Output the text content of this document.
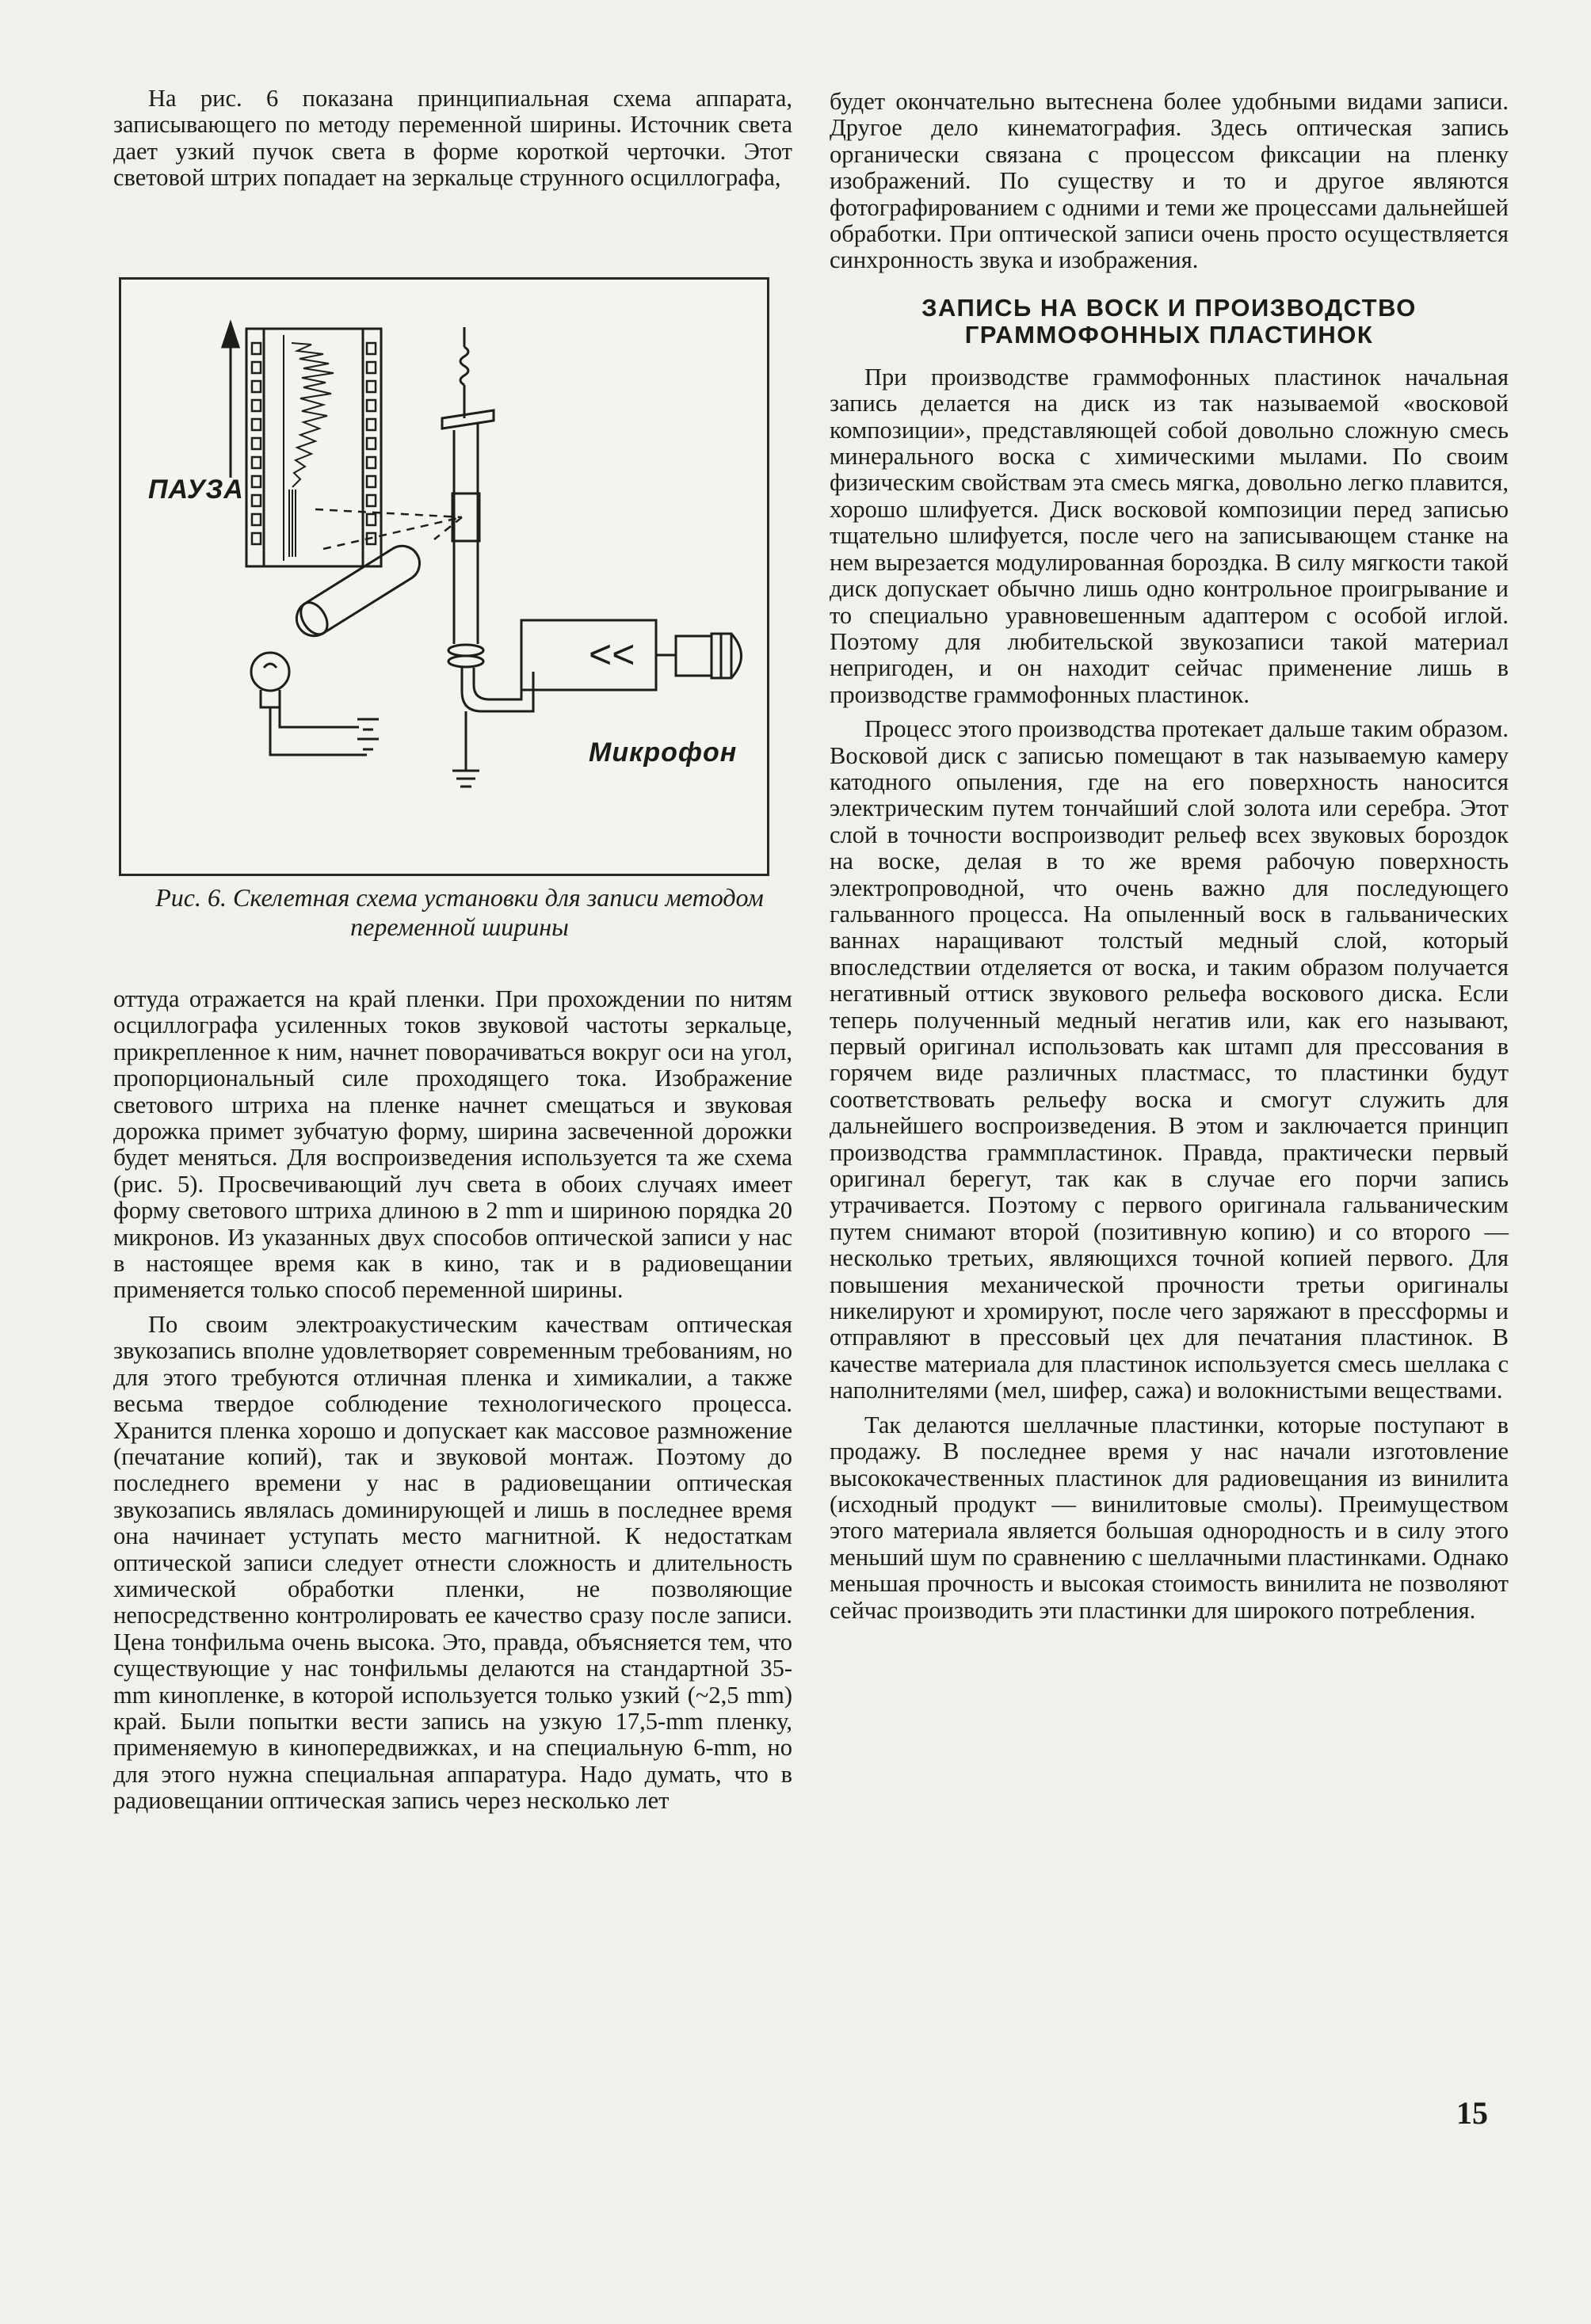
На рис. 6 показана принципиальная схема аппарата, записывающего по методу переменной ширины. Источник света дает узкий пучок света в форме короткой черточки. Этот световой штрих попадает на зеркальце струнного осциллографа,

<<
ПАУЗА
Микрофон
Рис. 6. Скелетная схема установки для записи методом переменной ширины

оттуда отражается на край пленки. При прохождении по нитям осциллографа усиленных токов звуковой частоты зеркальце, прикрепленное к ним, начнет поворачиваться вокруг оси на угол, пропорциональный силе проходящего тока. Изображение светового штриха на пленке начнет смещаться и звуковая дорожка примет зубчатую форму, ширина засвеченной дорожки будет меняться. Для воспроизведения используется та же схема (рис. 5). Просвечивающий луч света в обоих случаях имеет форму светового штриха длиною в 2 mm и шириною порядка 20 микронов. Из указанных двух способов оптической записи у нас в настоящее время как в кино, так и в радиовещании применяется только способ переменной ширины.

По своим электроакустическим качествам оптическая звукозапись вполне удовлетворяет современным требованиям, но для этого требуются отличная пленка и химикалии, а также весьма твердое соблюдение технологического процесса. Хранится пленка хорошо и допускает как массовое размножение (печатание копий), так и звуковой монтаж. Поэтому до последнего времени у нас в радиовещании оптическая звукозапись являлась доминирующей и лишь в последнее время она начинает уступать место магнитной. К недостаткам оптической записи следует отнести сложность и длительность химической обработки пленки, не позволяющие непосредственно контролировать ее качество сразу после записи. Цена тонфильма очень высока. Это, правда, объясняется тем, что существующие у нас тонфильмы делаются на стандартной 35-mm кинопленке, в которой используется только узкий (~2,5 mm) край. Были попытки вести запись на узкую 17,5-mm пленку, применяемую в кинопередвижках, и на специальную 6-mm, но для этого нужна специальная аппаратура. Надо думать, что в радиовещании оптическая запись через несколько лет

будет окончательно вытеснена более удобными видами записи. Другое дело кинематография. Здесь оптическая запись органически связана с процессом фиксации на пленку изображений. По существу и то и другое являются фотографированием с одними и теми же процессами дальнейшей обработки. При оптической записи очень просто осуществляется синхронность звука и изображения.

ЗАПИСЬ НА ВОСК И ПРОИЗВОДСТВО ГРАММОФОННЫХ ПЛАСТИНОК

При производстве граммофонных пластинок начальная запись делается на диск из так называемой «восковой композиции», представляющей собой довольно сложную смесь минерального воска с химическими мылами. По своим физическим свойствам эта смесь мягка, довольно легко плавится, хорошо шлифуется. Диск восковой композиции перед записью тщательно шлифуется, после чего на записывающем станке на нем вырезается модулированная бороздка. В силу мягкости такой диск допускает обычно лишь одно контрольное проигрывание и то специально уравновешенным адаптером с особой иглой. Поэтому для любительской звукозаписи такой материал непригоден, и он находит сейчас применение лишь в производстве граммофонных пластинок.

Процесс этого производства протекает дальше таким образом. Восковой диск с записью помещают в так называемую камеру катодного опыления, где на его поверхность наносится электрическим путем тончайший слой золота или серебра. Этот слой в точности воспроизводит рельеф всех звуковых бороздок на воске, делая в то же время рабочую поверхность электропроводной, что очень важно для последующего гальванного процесса. На опыленный воск в гальванических ваннах наращивают толстый медный слой, который впоследствии отделяется от воска, и таким образом получается негативный оттиск звукового рельефа воскового диска. Если теперь полученный медный негатив или, как его называют, первый оригинал использовать как штамп для прессования в горячем виде различных пластмасс, то пластинки будут соответствовать рельефу воска и смогут служить для дальнейшего воспроизведения. В этом и заключается принцип производства граммпластинок. Правда, практически первый оригинал берегут, так как в случае его порчи запись утрачивается. Поэтому с первого оригинала гальваническим путем снимают второй (позитивную копию) и со второго — несколько третьих, являющихся точной копией первого. Для повышения механической прочности третьи оригиналы никелируют и хромируют, после чего заряжают в прессформы и отправляют в прессовый цех для печатания пластинок. В качестве материала для пластинок используется смесь шеллака с наполнителями (мел, шифер, сажа) и волокнистыми веществами.

Так делаются шеллачные пластинки, которые поступают в продажу. В последнее время у нас начали изготовление высококачественных пластинок для радиовещания из винилита (исходный продукт — винилитовые смолы). Преимуществом этого материала является большая однородность и в силу этого меньший шум по сравнению с шеллачными пластинками. Однако меньшая прочность и высокая стоимость винилита не позволяют сейчас производить эти пластинки для широкого потребления.

15
